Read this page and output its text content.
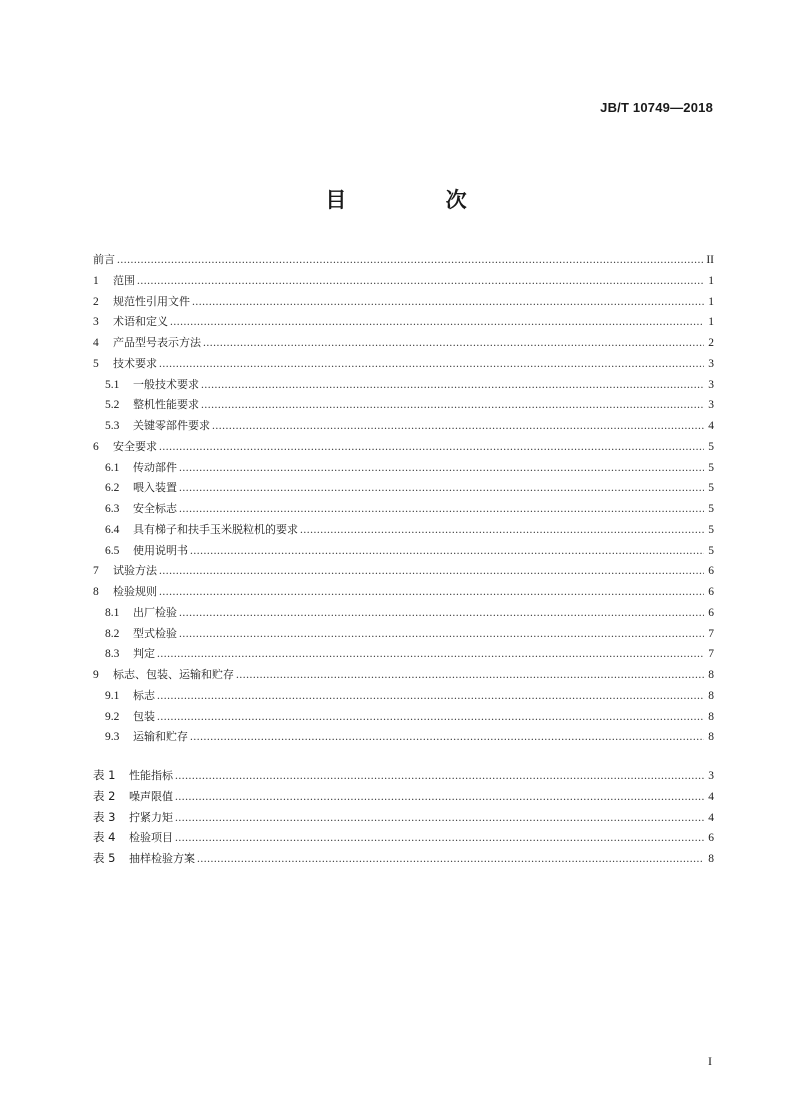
JB/T 10749—2018
目 次
前言 .....	II
1	范围 .....	1
2	规范性引用文件 .....	1
3	术语和定义 .....	1
4	产品型号表示方法 .....	2
5	技术要求 .....	3
5.1	一般技术要求 .....	3
5.2	整机性能要求 .....	3
5.3	关键零部件要求 .....	4
6	安全要求 .....	5
6.1	传动部件 .....	5
6.2	喂入装置 .....	5
6.3	安全标志 .....	5
6.4	具有梯子和扶手玉米脱粒机的要求 .....	5
6.5	使用说明书 .....	5
7	试验方法 .....	6
8	检验规则 .....	6
8.1	出厂检验 .....	6
8.2	型式检验 .....	7
8.3	判定 .....	7
9	标志、包装、运输和贮存 .....	8
9.1	标志 .....	8
9.2	包装 .....	8
9.3	运输和贮存 .....	8
表 1	性能指标 .....	3
表 2	噪声限值 .....	4
表 3	拧紧力矩 .....	4
表 4	检验项目 .....	6
表 5	抽样检验方案 .....	8
I
